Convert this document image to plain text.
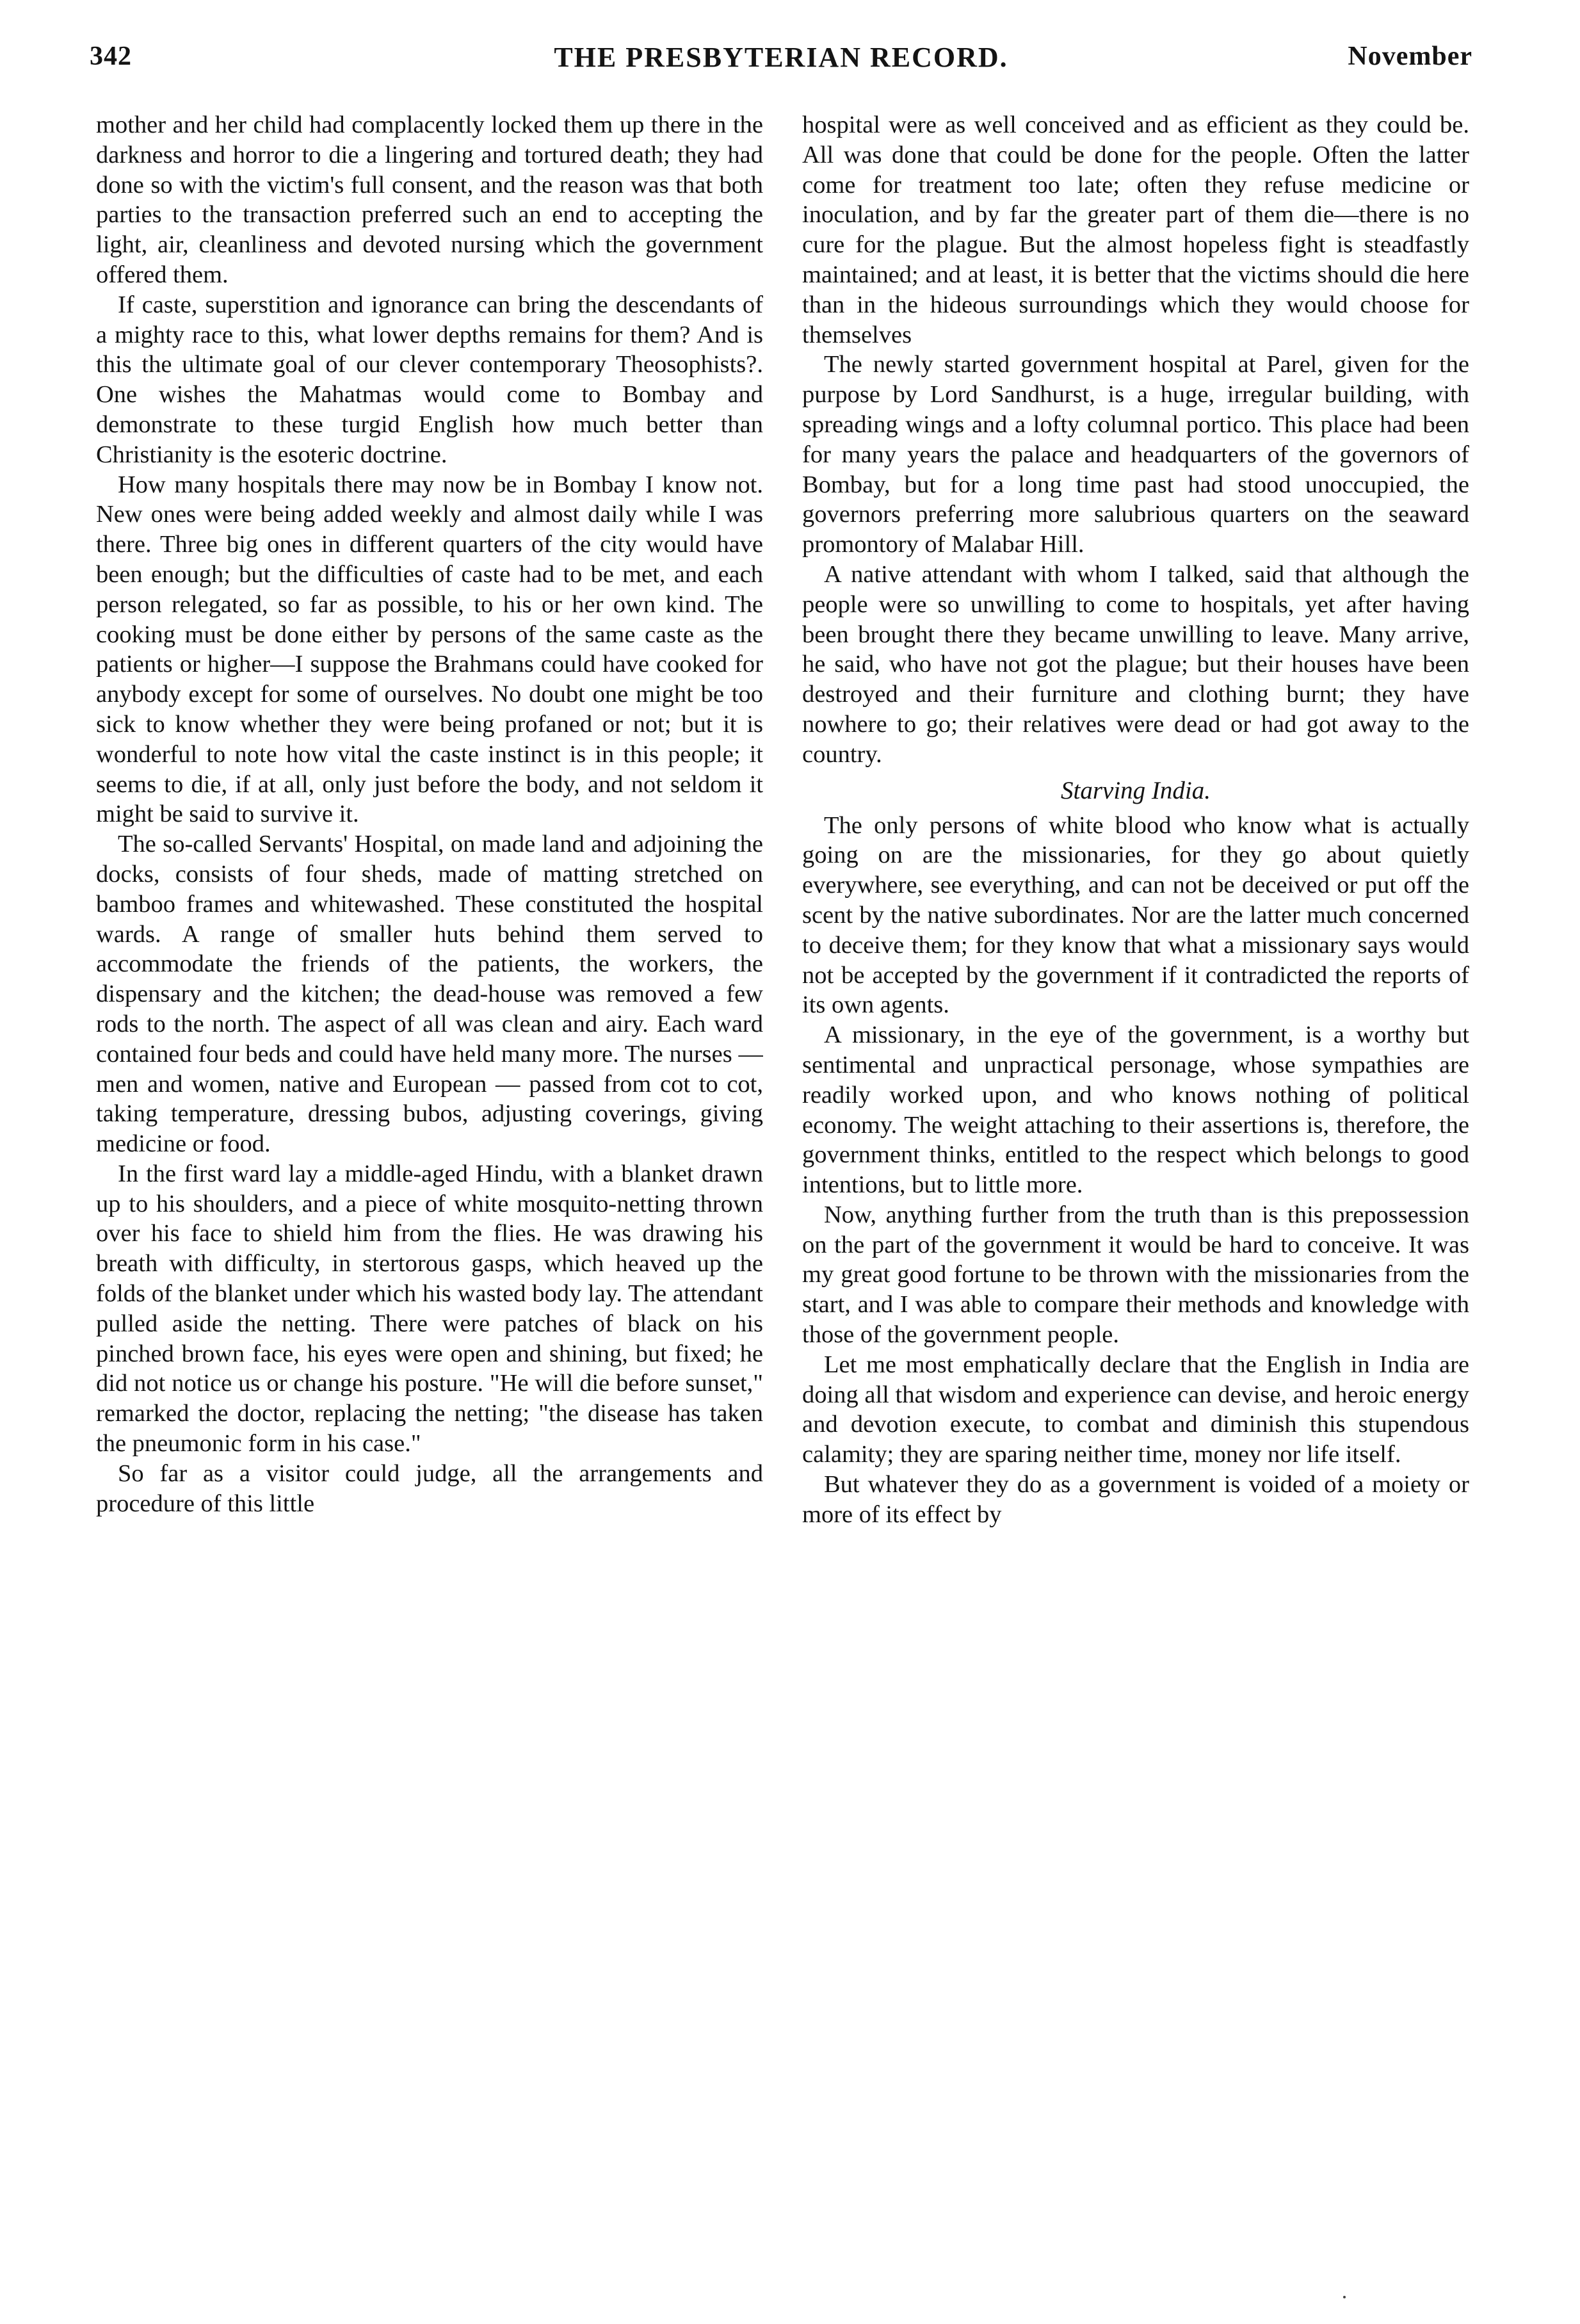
342	THE PRESBYTERIAN RECORD.	November

mother and her child had complacently locked them up there in the darkness and horror to die a lingering and tortured death; they had done so with the victim's full consent, and the reason was that both parties to the transaction preferred such an end to accepting the light, air, cleanliness and devoted nursing which the government offered them.

If caste, superstition and ignorance can bring the descendants of a mighty race to this, what lower depths remains for them? And is this the ultimate goal of our clever contemporary Theosophists?. One wishes the Mahatmas would come to Bombay and demonstrate to these turgid English how much better than Christianity is the esoteric doctrine.

How many hospitals there may now be in Bombay I know not. New ones were being added weekly and almost daily while I was there. Three big ones in different quarters of the city would have been enough; but the difficulties of caste had to be met, and each person relegated, so far as possible, to his or her own kind. The cooking must be done either by persons of the same caste as the patients or higher—I suppose the Brahmans could have cooked for anybody except for some of ourselves. No doubt one might be too sick to know whether they were being profaned or not; but it is wonderful to note how vital the caste instinct is in this people; it seems to die, if at all, only just before the body, and not seldom it might be said to survive it.

The so-called Servants' Hospital, on made land and adjoining the docks, consists of four sheds, made of matting stretched on bamboo frames and whitewashed. These constituted the hospital wards. A range of smaller huts behind them served to accommodate the friends of the patients, the workers, the dispensary and the kitchen; the dead-house was removed a few rods to the north. The aspect of all was clean and airy. Each ward contained four beds and could have held many more. The nurses — men and women, native and European — passed from cot to cot, taking temperature, dressing bubos, adjusting coverings, giving medicine or food.

In the first ward lay a middle-aged Hindu, with a blanket drawn up to his shoulders, and a piece of white mosquito-netting thrown over his face to shield him from the flies. He was drawing his breath with difficulty, in stertorous gasps, which heaved up the folds of the blanket under which his wasted body lay. The attendant pulled aside the netting. There were patches of black on his pinched brown face, his eyes were open and shining, but fixed; he did not notice us or change his posture. "He will die before sunset," remarked the doctor, replacing the netting; "the disease has taken the pneumonic form in his case."

So far as a visitor could judge, all the arrangements and procedure of this little

hospital were as well conceived and as efficient as they could be. All was done that could be done for the people. Often the latter come for treatment too late; often they refuse medicine or inoculation, and by far the greater part of them die—there is no cure for the plague. But the almost hopeless fight is steadfastly maintained; and at least, it is better that the victims should die here than in the hideous surroundings which they would choose for themselves

The newly started government hospital at Parel, given for the purpose by Lord Sandhurst, is a huge, irregular building, with spreading wings and a lofty columnal portico. This place had been for many years the palace and headquarters of the governors of Bombay, but for a long time past had stood unoccupied, the governors preferring more salubrious quarters on the seaward promontory of Malabar Hill.

A native attendant with whom I talked, said that although the people were so unwilling to come to hospitals, yet after having been brought there they became unwilling to leave. Many arrive, he said, who have not got the plague; but their houses have been destroyed and their furniture and clothing burnt; they have nowhere to go; their relatives were dead or had got away to the country.

Starving India.

The only persons of white blood who know what is actually going on are the missionaries, for they go about quietly everywhere, see everything, and can not be deceived or put off the scent by the native subordinates. Nor are the latter much concerned to deceive them; for they know that what a missionary says would not be accepted by the government if it contradicted the reports of its own agents.

A missionary, in the eye of the government, is a worthy but sentimental and unpractical personage, whose sympathies are readily worked upon, and who knows nothing of political economy. The weight attaching to their assertions is, therefore, the government thinks, entitled to the respect which belongs to good intentions, but to little more.

Now, anything further from the truth than is this prepossession on the part of the government it would be hard to conceive. It was my great good fortune to be thrown with the missionaries from the start, and I was able to compare their methods and knowledge with those of the government people.

Let me most emphatically declare that the English in India are doing all that wisdom and experience can devise, and heroic energy and devotion execute, to combat and diminish this stupendous calamity; they are sparing neither time, money nor life itself.

But whatever they do as a government is voided of a moiety or more of its effect by
